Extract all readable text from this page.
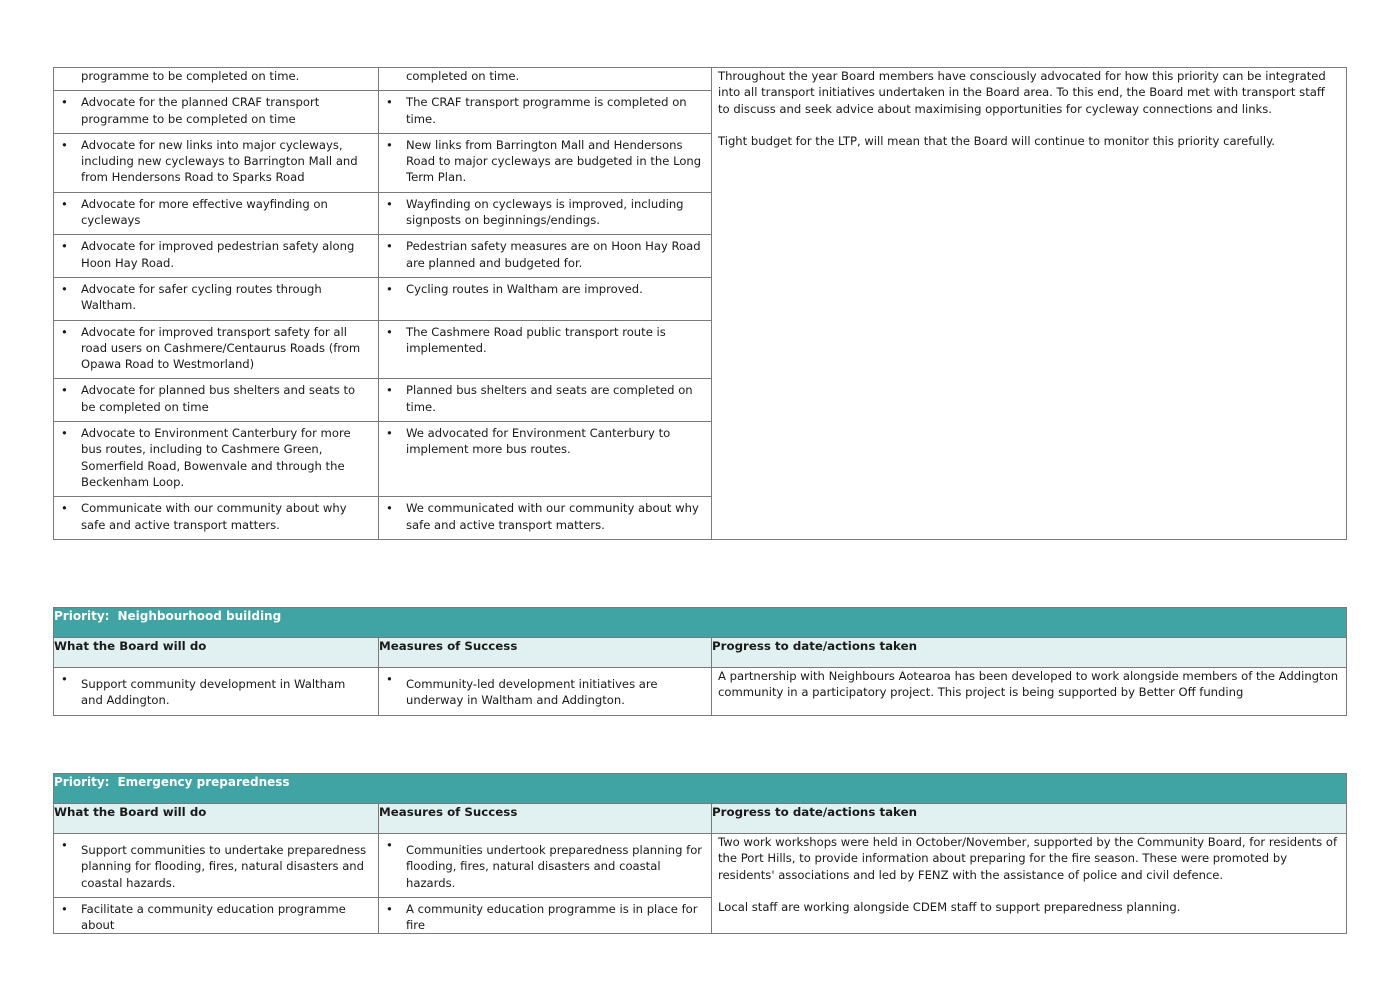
programme to be completed on time.	completed on time.	Throughout the year Board members have consciously advocated for how this priority can be integrated into all transport initiatives undertaken in the Board area. To this end, the Board met with transport staff to discuss and seek advice about maximising opportunities for cycleway connections and links.

Tight budget for the LTP, will mean that the Board will continue to monitor this priority carefully.

• Advocate for the planned CRAF transport programme to be completed on time	• The CRAF transport programme is completed on time.

• Advocate for new links into major cycleways, including new cycleways to Barrington Mall and from Hendersons Road to Sparks Road	• New links from Barrington Mall and Hendersons Road to major cycleways are budgeted in the Long Term Plan.

• Advocate for more effective wayfinding on cycleways	• Wayfinding on cycleways is improved, including signposts on beginnings/endings.

• Advocate for improved pedestrian safety along Hoon Hay Road.	• Pedestrian safety measures are on Hoon Hay Road are planned and budgeted for.

• Advocate for safer cycling routes through Waltham.	• Cycling routes in Waltham are improved.

• Advocate for improved transport safety for all road users on Cashmere/Centaurus Roads (from Opawa Road to Westmorland)	• The Cashmere Road public transport route is implemented.

• Advocate for planned bus shelters and seats to be completed on time	• Planned bus shelters and seats are completed on time.

• Advocate to Environment Canterbury for more bus routes, including to Cashmere Green, Somerfield Road, Bowenvale and through the Beckenham Loop.	• We advocated for Environment Canterbury to implement more bus routes.

• Communicate with our community about why safe and active transport matters.	• We communicated with our community about why safe and active transport matters.
Priority: Neighbourhood building		
What the Board will do	Measures of Success	Progress to date/actions taken

• Support community development in Waltham and Addington.	• Community-led development initiatives are underway in Waltham and Addington.	A partnership with Neighbours Aotearoa has been developed to work alongside members of the Addington community in a participatory project. This project is being supported by Better Off funding

Priority: Emergency preparedness		
What the Board will do	Measures of Success	Progress to date/actions taken

• Support communities to undertake preparedness planning for flooding, fires, natural disasters and coastal hazards.	• Communities undertook preparedness planning for flooding, fires, natural disasters and coastal hazards.	Two work workshops were held in October/November, supported by the Community Board, for residents of the Port Hills, to provide information about preparing for the fire season. These were promoted by residents' associations and led by FENZ with the assistance of police and civil defence.

Local staff are working alongside CDEM staff to support preparedness planning.

• Facilitate a community education programme about	• A community education programme is in place for fire
